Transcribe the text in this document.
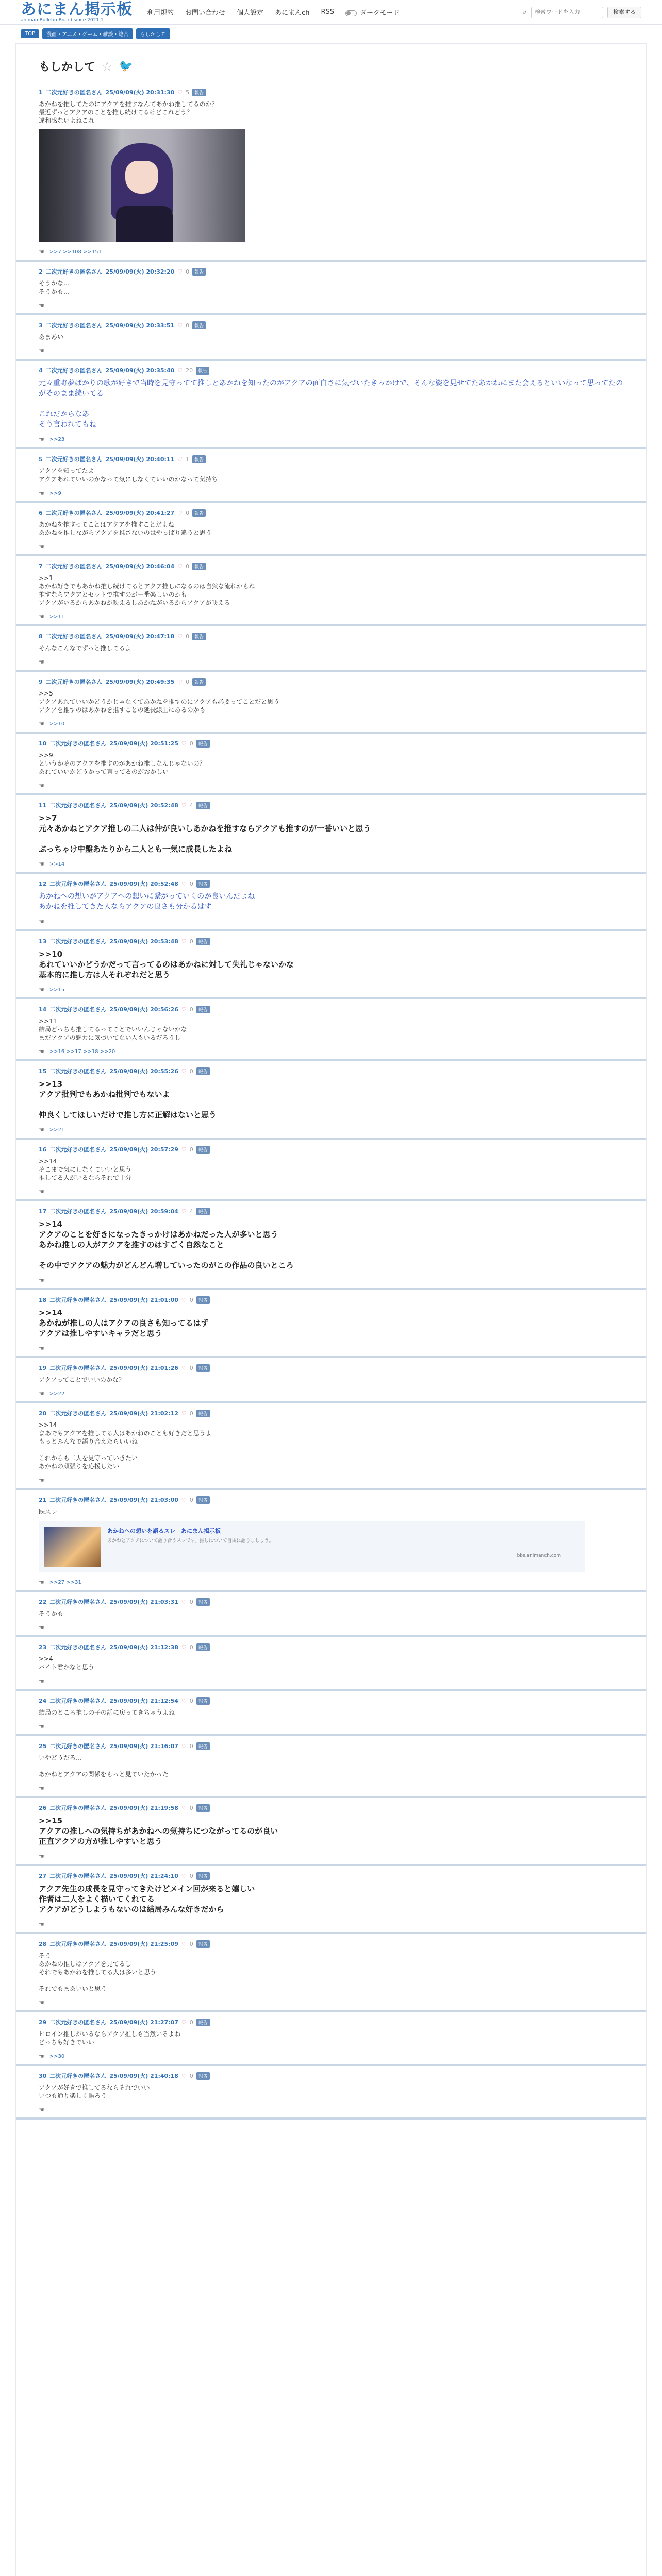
あにまん掲示板
animan Bulletin Board since 2021.1
利用規約 お問い合わせ 個人設定 あにまんch RSS	ダークモード	⌕
検索ワードを入力	検索する
TOP	漫画・アニメ・ゲーム・雑談・総合	もしかして
もしかして ☆ 🐦
1 二次元好きの匿名さん 25/09/09(火) 20:31:30 ♡ 5	報告
あかねを推してたのにアクアを推すなんてあかね推してるのか？
最近ずっとアクアのことを推し続けてるけどこれどう？
違和感ないよねこれ
☚ >>7 >>108 >>151
2 二次元好きの匿名さん 25/09/09(火) 20:32:20 ♡ 0	報告
そうかな…
そうかも…
☚
3 二次元好きの匿名さん 25/09/09(火) 20:33:51 ♡ 0	報告
あまあい
☚
4 二次元好きの匿名さん 25/09/09(火) 20:35:40 ♡ 20	報告
元々重野夢ばかりの歌が好きで当時を見守ってて推しとあかねを知ったのがアクアの面白さに気づいたきっかけで、そんな姿を見せてたあかねにまた会えるといいなって思ってたのがそのまま続いてる

これだからなあ
そう言われてもね
☚ >>23
5 二次元好きの匿名さん 25/09/09(火) 20:40:11 ♡ 1	報告
アクアを知ってたよ
アクアあれていいのかなって気にしなくていいのかなって気持ち
☚ >>9
6 二次元好きの匿名さん 25/09/09(火) 20:41:27 ♡ 0	報告
あかねを推すってことはアクアを推すことだよね
あかねを推しながらアクアを推さないのはやっぱり違うと思う
☚
7 二次元好きの匿名さん 25/09/09(火) 20:46:04 ♡ 0	報告
>>1
あかね好きでもあかね推し続けてるとアクア推しになるのは自然な流れかもね
推すならアクアとセットで推すのが一番楽しいのかも
アクアがいるからあかねが映えるしあかねがいるからアクアが映える
☚ >>11
8 二次元好きの匿名さん 25/09/09(火) 20:47:18 ♡ 0	報告
そんなこんなでずっと推してるよ
☚
9 二次元好きの匿名さん 25/09/09(火) 20:49:35 ♡ 0	報告
>>5
アクアあれていいかどうかじゃなくてあかねを推すのにアクアも必要ってことだと思う
アクアを推すのはあかねを推すことの延長線上にあるのかも
☚ >>10
10 二次元好きの匿名さん 25/09/09(火) 20:51:25 ♡ 0	報告
>>9
というかそのアクアを推すのがあかね推しなんじゃないの？
あれていいかどうかって言ってるのがおかしい
☚
11 二次元好きの匿名さん 25/09/09(火) 20:52:48 ♡ 4	報告
>>7
元々あかねとアクア推しの二人は仲が良いしあかねを推すならアクアも推すのが一番いいと思う

ぶっちゃけ中盤あたりから二人とも一気に成長したよね
☚ >>14
12 二次元好きの匿名さん 25/09/09(火) 20:52:48 ♡ 0	報告
あかねへの想いがアクアへの想いに繋がっていくのが良いんだよね
あかねを推してきた人ならアクアの良さも分かるはず
☚
13 二次元好きの匿名さん 25/09/09(火) 20:53:48 ♡ 0	報告
>>10
あれていいかどうかだって言ってるのはあかねに対して失礼じゃないかな
基本的に推し方は人それぞれだと思う
☚ >>15
14 二次元好きの匿名さん 25/09/09(火) 20:56:26 ♡ 0	報告
>>11
結局どっちも推してるってことでいいんじゃないかな
まだアクアの魅力に気づいてない人もいるだろうし
☚ >>16 >>17 >>18 >>20
15 二次元好きの匿名さん 25/09/09(火) 20:55:26 ♡ 0	報告
>>13
アクア批判でもあかね批判でもないよ

仲良くしてほしいだけで推し方に正解はないと思う
☚ >>21
16 二次元好きの匿名さん 25/09/09(火) 20:57:29 ♡ 0	報告
>>14
そこまで気にしなくていいと思う
推してる人がいるならそれで十分
☚
17 二次元好きの匿名さん 25/09/09(火) 20:59:04 ♡ 4	報告
>>14
アクアのことを好きになったきっかけはあかねだった人が多いと思う
あかね推しの人がアクアを推すのはすごく自然なこと

その中でアクアの魅力がどんどん増していったのがこの作品の良いところ
☚
18 二次元好きの匿名さん 25/09/09(火) 21:01:00 ♡ 0	報告
>>14
あかねが推しの人はアクアの良さも知ってるはず
アクアは推しやすいキャラだと思う
☚
19 二次元好きの匿名さん 25/09/09(火) 21:01:26 ♡ 0	報告
アクアってことでいいのかな？
☚ >>22
20 二次元好きの匿名さん 25/09/09(火) 21:02:12 ♡ 0	報告
>>14
まあでもアクアを推してる人はあかねのことも好きだと思うよ
もっとみんなで語り合えたらいいね

これからも二人を見守っていきたい
あかねの頑張りを応援したい
☚
21 二次元好きの匿名さん 25/09/09(火) 21:03:00 ♡ 0	報告
既スレ
あかねへの想いを語るスレ｜あにまん掲示板
あかねとアクアについて語り合うスレです。推しについて自由に語りましょう。
bbs.animanch.com
☚ >>27 >>31
22 二次元好きの匿名さん 25/09/09(火) 21:03:31 ♡ 0	報告
そうかも
☚
23 二次元好きの匿名さん 25/09/09(火) 21:12:38 ♡ 0	報告
>>4
バイト君かなと思う
☚
24 二次元好きの匿名さん 25/09/09(火) 21:12:54 ♡ 0	報告
結局のところ推しの子の話に戻ってきちゃうよね
☚
25 二次元好きの匿名さん 25/09/09(火) 21:16:07 ♡ 0	報告
いやどうだろ…

あかねとアクアの関係をもっと見ていたかった
☚
26 二次元好きの匿名さん 25/09/09(火) 21:19:58 ♡ 0	報告
>>15
アクアの推しへの気持ちがあかねへの気持ちにつながってるのが良い
正直アクアの方が推しやすいと思う
☚
27 二次元好きの匿名さん 25/09/09(火) 21:24:10 ♡ 0	報告
アクア先生の成長を見守ってきたけどメイン回が来ると嬉しい
作者は二人をよく描いてくれてる
アクアがどうしようもないのは結局みんな好きだから
☚
28 二次元好きの匿名さん 25/09/09(火) 21:25:09 ♡ 0	報告
そう
あかねの推しはアクアを見てるし
それでもあかねを推してる人は多いと思う

それでもまあいいと思う
☚
29 二次元好きの匿名さん 25/09/09(火) 21:27:07 ♡ 0	報告
ヒロイン推しがいるならアクア推しも当然いるよね
どっちも好きでいい
☚ >>30
30 二次元好きの匿名さん 25/09/09(火) 21:40:18 ♡ 0	報告
アクアが好きで推してるならそれでいい
いつも通り楽しく語ろう
☚
